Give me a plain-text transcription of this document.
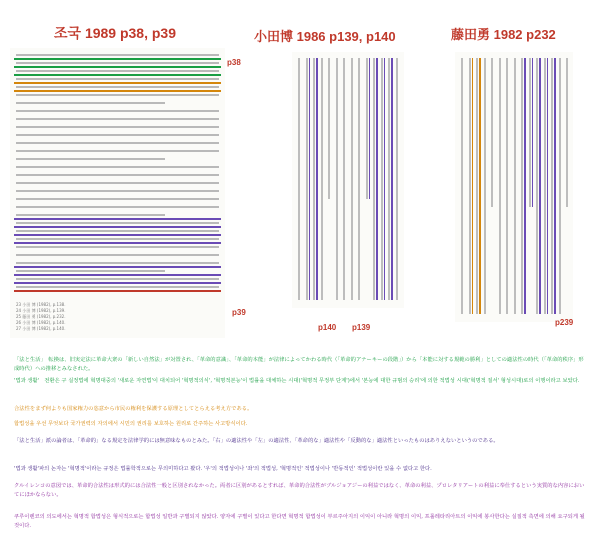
조국 1989 p38, p39	小田博 1986 p139, p140	藤田勇 1982 p232
23 小田 博 (1982), p.138.
24 小田 博 (1982), p.139.
25 藤田 勇 (1982), p.232.
26 小田 博 (1982), p.140.
27 小田 博 (1982), p.140.
p38
p39
p140 p139
p239
「法と生活」　転換は、旧実定法に革命大衆の「新しい自然法」が対置され、「革命的意識」、「革命的本能」が法律によってかわる時代（「革命的アナーキーの段階」）から「本能に対する規範の勝利」としての適法性の時代（「革命的秩序」形成時代）への推移とみなされた。
'법과 생활'　전환은 구 실정법에 혁명대중의 '새로운 자연법'이 대치되어 '혁명적의식', '혁명적본능'이 법률을 대체하는 시대('혁명적 무정부 단계')에서 '본능에 대한 규범의 승리'에 의한 적법성 시대('혁명적 질서' 형성시대)로의 이행이라고 보았다.
合法性をまず何よりも国家権力の恣意から市民の権利を保護する原理としてとらえる考え方である。
합법성을 우선 무엇보다 국가권력의 자의에서 시민의 권리를 보호하는 원리로 간주하는 사고방식이다.
「法と生活」派の論者は、「革命的」なる規定を法律学的には無意味なものとみた。「右」の適法性や「左」の適法性、「革命的な」適法性や「反動的な」適法性といったものはありえないというのである。
'법과 생활'파의 논자는 '혁명적'이라는 규정은 법률학적으로는 무의미하다고 봤다. '우'의 적법성이나 '좌'의 적법성, '혁명적인' 적법성이나 '반동적인' 적법성이란 있을 수 없다고 한다.
クルイレンコの意図では、革命的合法性は形式的には合法性一般と区別されなかった。両者に区別があるとすれば、革命的合法性がブルジョアジーの利益ではなく、革命の利益、プロレタリアートの利益に奉仕するという実質的な内容においてにほかならない。
쿠루이렌코의 의도에서는 혁명적 합법성은 형식적으로는 합법성 일반과 구별되지 않았다. 양자에 구별이 있다고 한다면 혁명적 합법성이 부르주아지의 이익이 아니라 혁명의 이익, 프롤레타리아트의 이익에 봉사한다는 실질적 측면에 의해 요구되게 될 것이다.
